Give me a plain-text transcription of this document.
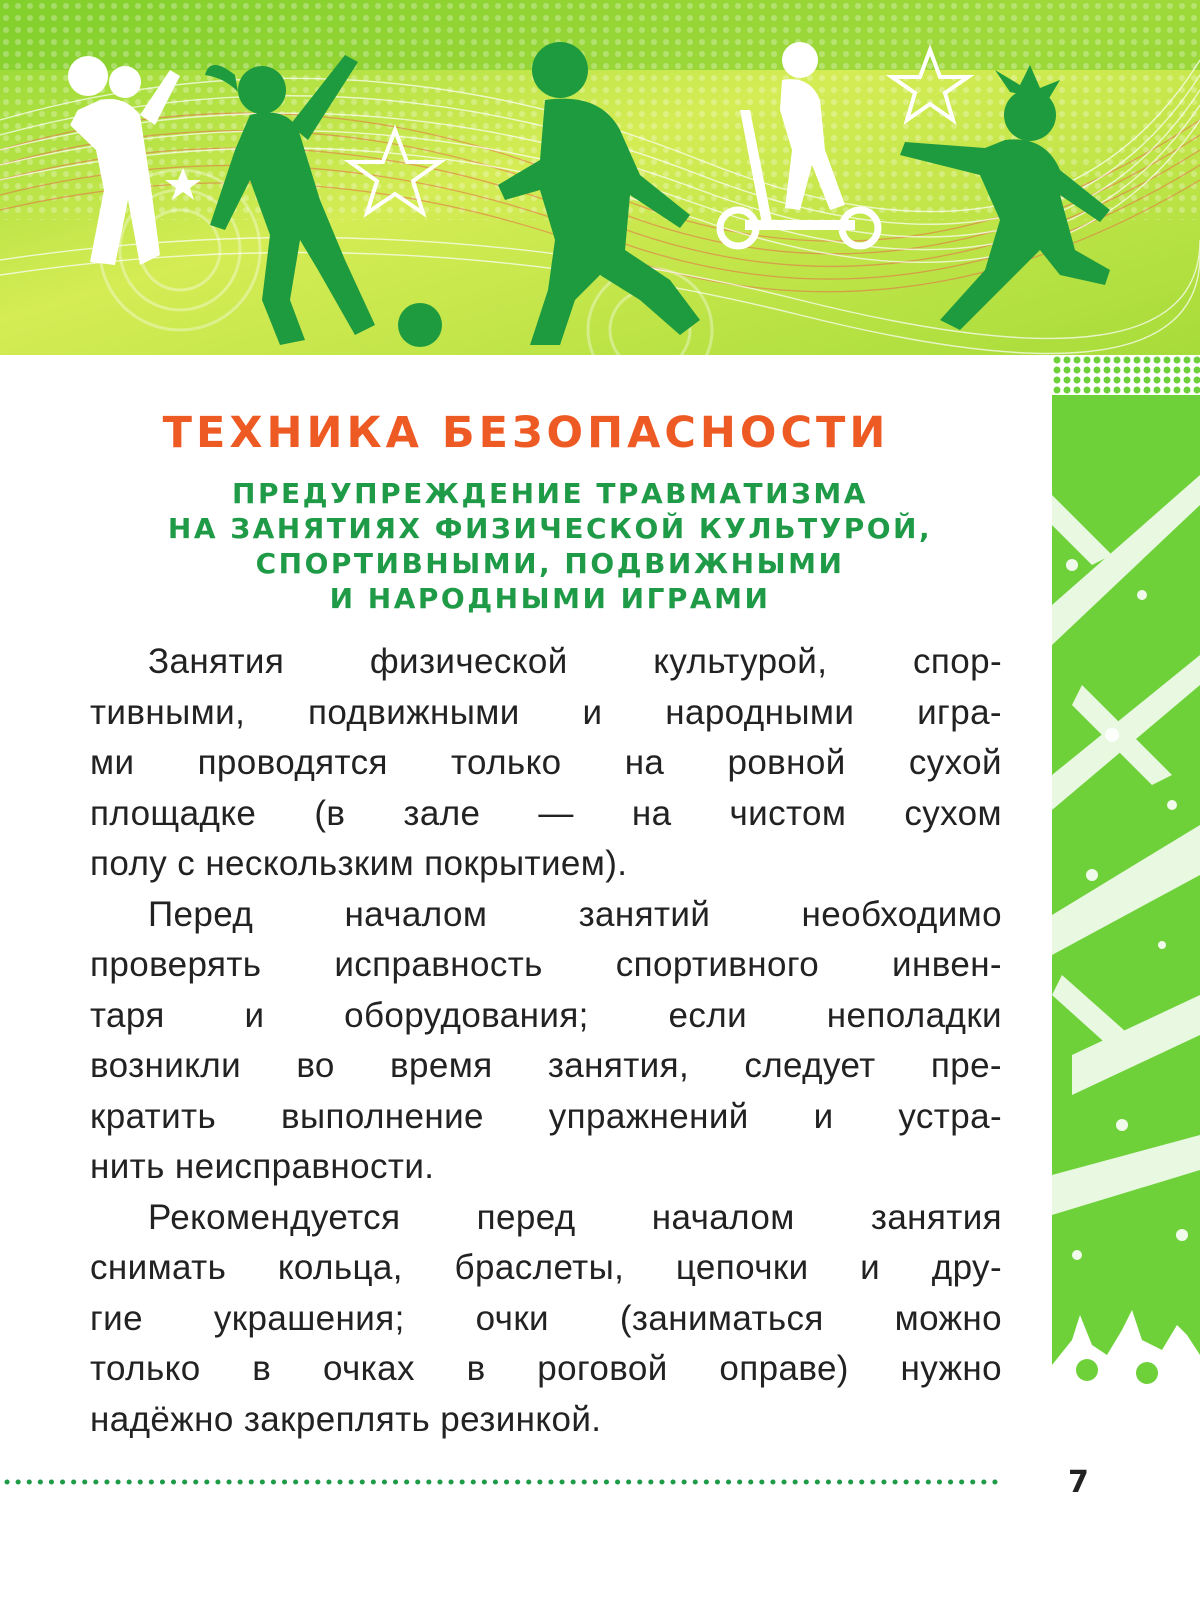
ТЕХНИКА БЕЗОПАСНОСТИ
ПРЕДУПРЕЖДЕНИЕ ТРАВМАТИЗМА
НА ЗАНЯТИЯХ ФИЗИЧЕСКОЙ КУЛЬТУРОЙ,
СПОРТИВНЫМИ, ПОДВИЖНЫМИ
И НАРОДНЫМИ ИГРАМИ
Занятия физической культурой, спор-
тивными, подвижными и народными игра-
ми проводятся только на ровной сухой
площадке (в зале — на чистом сухом
полу с нескользким покрытием).
Перед началом занятий необходимо
проверять исправность спортивного инвен-
таря и оборудования; если неполадки
возникли во время занятия, следует пре-
кратить выполнение упражнений и устра-
нить неисправности.
Рекомендуется перед началом занятия
снимать кольца, браслеты, цепочки и дру-
гие украшения; очки (заниматься можно
только в очках в роговой оправе) нужно
надёжно закреплять резинкой.

7
